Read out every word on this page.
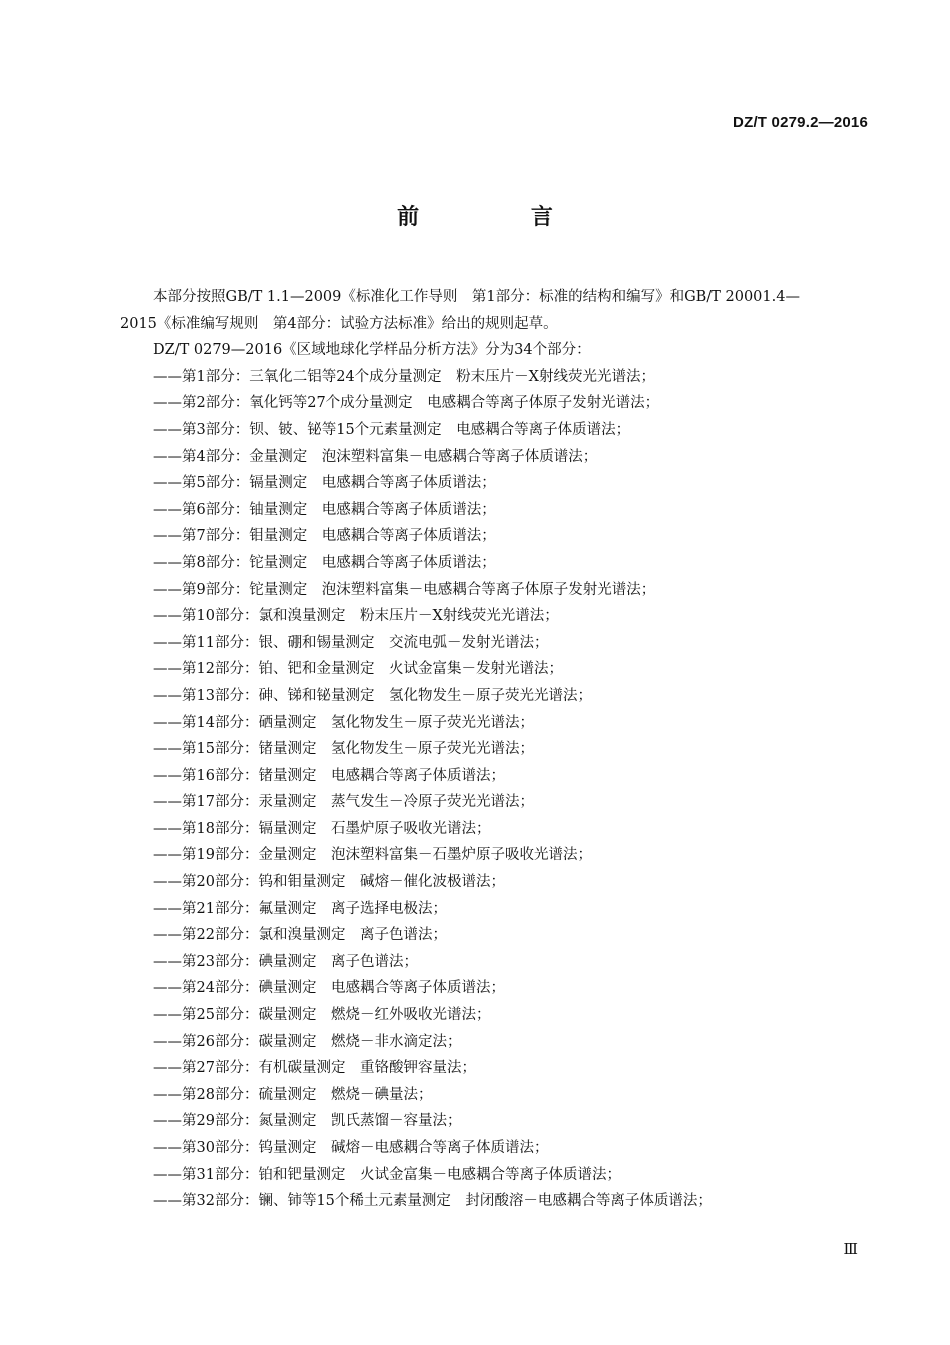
DZ/T 0279.2—2016
前 言

本部分按照GB/T 1.1—2009《标准化工作导则　第1部分：标准的结构和编写》和GB/T 20001.4—

2015《标准编写规则　第4部分：试验方法标准》给出的规则起草。

DZ/T 0279—2016《区域地球化学样品分析方法》分为34个部分：

——第1部分：三氧化二铝等24个成分量测定　粉末压片－X射线荧光光谱法；
——第2部分：氧化钙等27个成分量测定　电感耦合等离子体原子发射光谱法；
——第3部分：钡、铍、铋等15个元素量测定　电感耦合等离子体质谱法；
——第4部分：金量测定　泡沫塑料富集－电感耦合等离子体质谱法；
——第5部分：镉量测定　电感耦合等离子体质谱法；
——第6部分：铀量测定　电感耦合等离子体质谱法；
——第7部分：钼量测定　电感耦合等离子体质谱法；
——第8部分：铊量测定　电感耦合等离子体质谱法；
——第9部分：铊量测定　泡沫塑料富集－电感耦合等离子体原子发射光谱法；
——第10部分：氯和溴量测定　粉末压片－X射线荧光光谱法；
——第11部分：银、硼和锡量测定　交流电弧－发射光谱法；
——第12部分：铂、钯和金量测定　火试金富集－发射光谱法；
——第13部分：砷、锑和铋量测定　氢化物发生－原子荧光光谱法；
——第14部分：硒量测定　氢化物发生－原子荧光光谱法；
——第15部分：锗量测定　氢化物发生－原子荧光光谱法；
——第16部分：锗量测定　电感耦合等离子体质谱法；
——第17部分：汞量测定　蒸气发生－冷原子荧光光谱法；
——第18部分：镉量测定　石墨炉原子吸收光谱法；
——第19部分：金量测定　泡沫塑料富集－石墨炉原子吸收光谱法；
——第20部分：钨和钼量测定　碱熔－催化波极谱法；
——第21部分：氟量测定　离子选择电极法；
——第22部分：氯和溴量测定　离子色谱法；
——第23部分：碘量测定　离子色谱法；
——第24部分：碘量测定　电感耦合等离子体质谱法；
——第25部分：碳量测定　燃烧－红外吸收光谱法；
——第26部分：碳量测定　燃烧－非水滴定法；
——第27部分：有机碳量测定　重铬酸钾容量法；
——第28部分：硫量测定　燃烧－碘量法；
——第29部分：氮量测定　凯氏蒸馏－容量法；
——第30部分：钨量测定　碱熔－电感耦合等离子体质谱法；
——第31部分：铂和钯量测定　火试金富集－电感耦合等离子体质谱法；
——第32部分：镧、铈等15个稀土元素量测定　封闭酸溶－电感耦合等离子体质谱法；
Ⅲ
